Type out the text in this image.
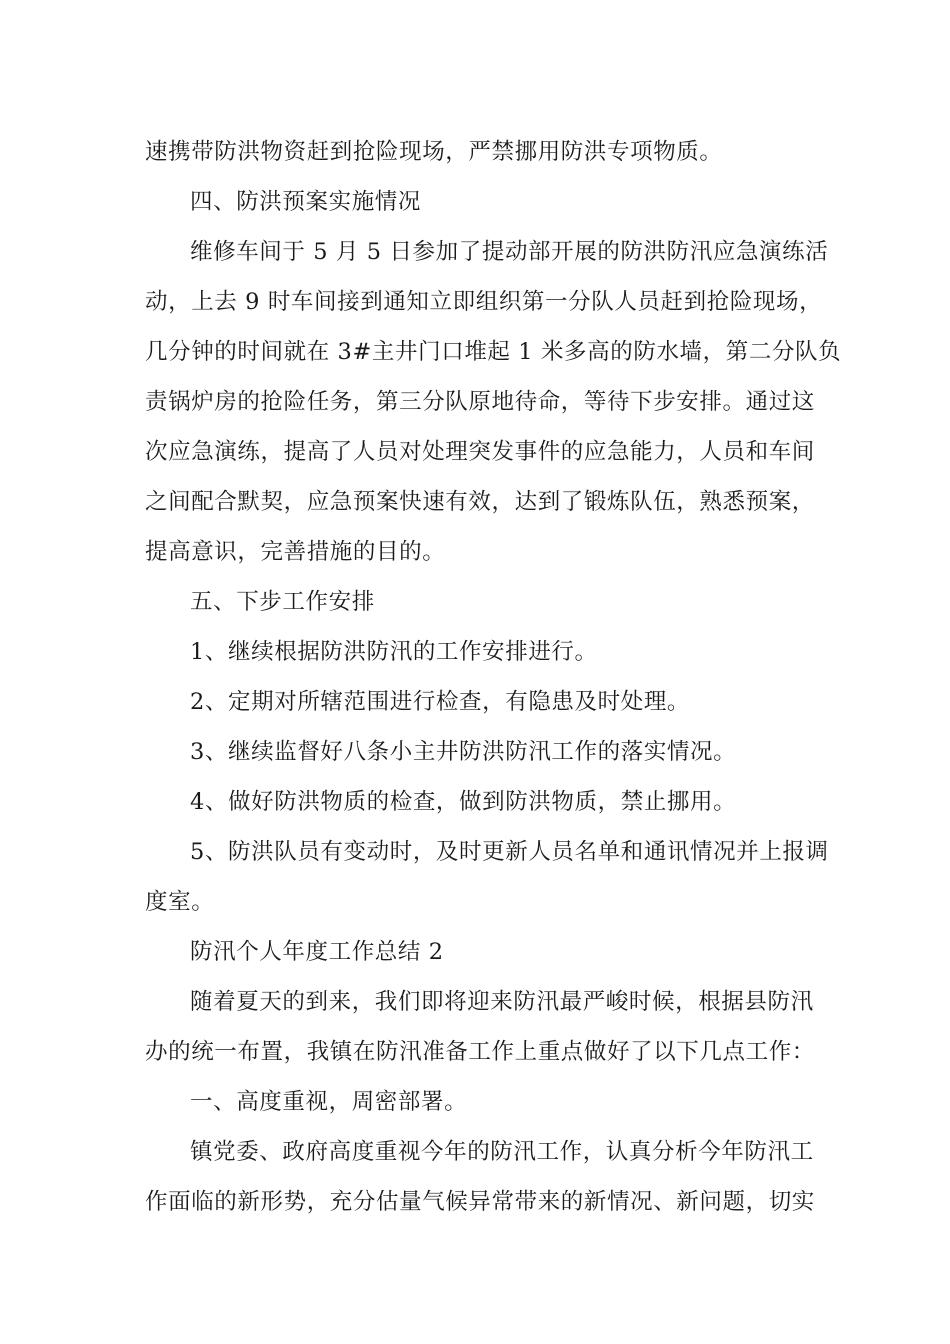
速携带防洪物资赶到抢险现场，严禁挪用防洪专项物质。
四、防洪预案实施情况
维修车间于 5 月 5 日参加了提动部开展的防洪防汛应急演练活
动，上去 9 时车间接到通知立即组织第一分队人员赶到抢险现场，
几分钟的时间就在 3#主井门口堆起 1 米多高的防水墙，第二分队负
责锅炉房的抢险任务，第三分队原地待命，等待下步安排。通过这
次应急演练，提高了人员对处理突发事件的应急能力，人员和车间
之间配合默契，应急预案快速有效，达到了锻炼队伍，熟悉预案，
提高意识，完善措施的目的。
五、下步工作安排
1、继续根据防洪防汛的工作安排进行。
2、定期对所辖范围进行检查，有隐患及时处理。
3、继续监督好八条小主井防洪防汛工作的落实情况。
4、做好防洪物质的检查，做到防洪物质，禁止挪用。
5、防洪队员有变动时，及时更新人员名单和通讯情况并上报调
度室。
防汛个人年度工作总结 2
随着夏天的到来，我们即将迎来防汛最严峻时候，根据县防汛
办的统一布置，我镇在防汛准备工作上重点做好了以下几点工作：
一、高度重视，周密部署。
镇党委、政府高度重视今年的防汛工作，认真分析今年防汛工
作面临的新形势，充分估量气候异常带来的新情况、新问题，切实
